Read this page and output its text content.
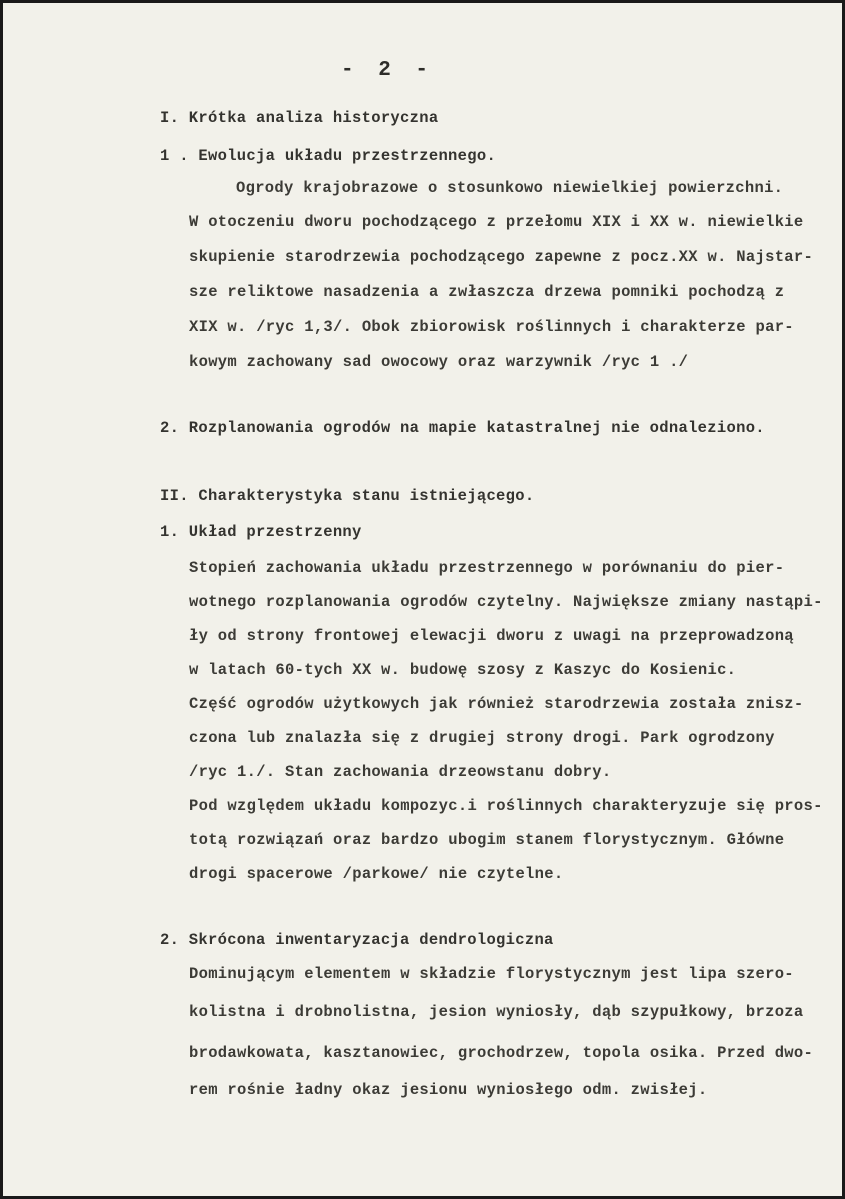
- 2 -
I. Krótka analiza historyczna
1 . Ewolucja układu przestrzennego.
Ogrody krajobrazowe o stosunkowo niewielkiej powierzchni.
W otoczeniu dworu pochodzącego z przełomu XIX i XX w. niewielkie
skupienie starodrzewia pochodzącego zapewne z pocz.XX w. Najstar-
sze reliktowe nasadzenia a zwłaszcza drzewa pomniki pochodzą z
XIX w. /ryc 1,3/. Obok zbiorowisk roślinnych i charakterze par-
kowym zachowany sad owocowy oraz warzywnik /ryc 1 ./
2. Rozplanowania ogrodów na mapie katastralnej nie odnaleziono.
II. Charakterystyka stanu istniejącego.
1. Układ przestrzenny
Stopień zachowania układu przestrzennego w porównaniu do pier-
wotnego rozplanowania ogrodów czytelny. Największe zmiany nastąpi-
ły od strony frontowej elewacji dworu z uwagi na przeprowadzoną
w latach 60-tych XX w. budowę szosy z Kaszyc do Kosienic.
Część ogrodów użytkowych jak również starodrzewia została znisz-
czona lub znalazła się z drugiej strony drogi. Park ogrodzony
/ryc 1./. Stan zachowania drzeowstanu dobry.
Pod względem układu kompozyc.i roślinnych charakteryzuje się pros-
totą rozwiązań oraz bardzo ubogim stanem florystycznym. Główne
drogi spacerowe /parkowe/ nie czytelne.
2. Skrócona inwentaryzacja dendrologiczna
Dominującym elementem w składzie florystycznym jest lipa szero-
kolistna i drobnolistna, jesion wyniosły, dąb szypułkowy, brzoza
brodawkowata, kasztanowiec, grochodrzew, topola osika. Przed dwo-
rem rośnie ładny okaz jesionu wyniosłego odm. zwisłej.
